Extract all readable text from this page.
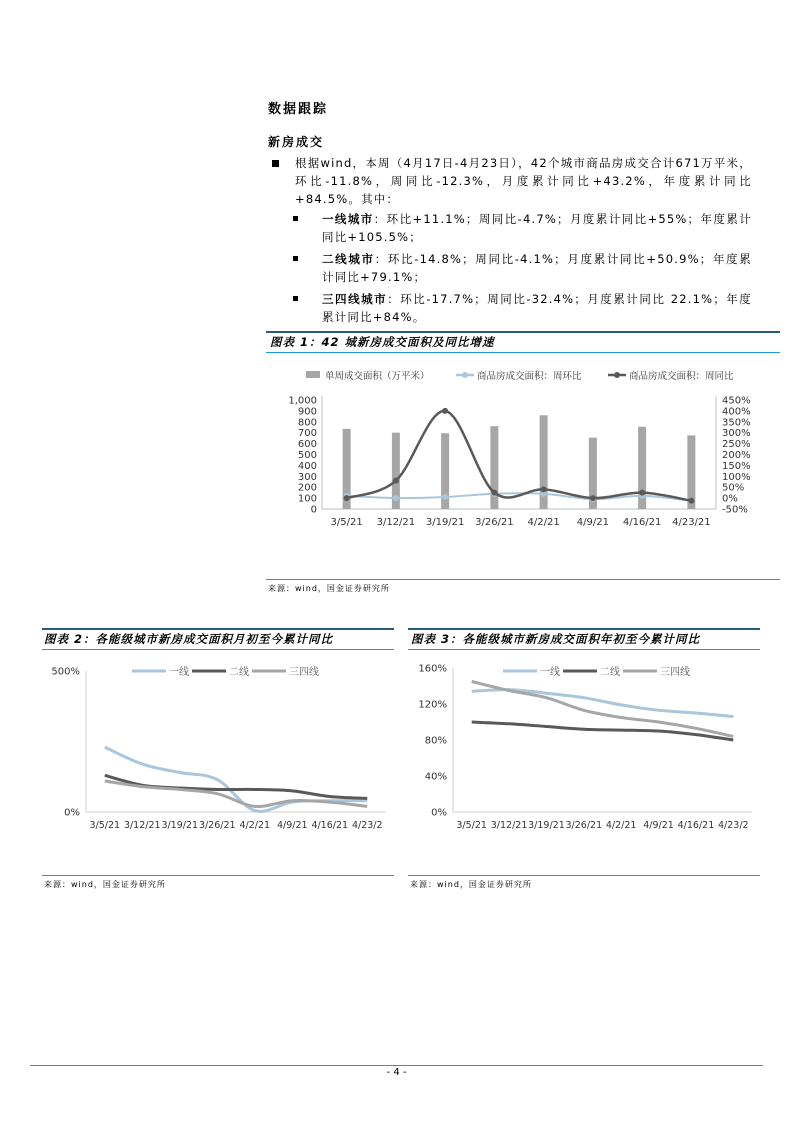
数据跟踪
新房成交
根据wind，本周（4月17日-4月23日），42个城市商品房成交合计671万平米，环比-11.8%，周同比-12.3%，月度累计同比+43.2%，年度累计同比+84.5%。其中：
一线城市：环比+11.1%；周同比-4.7%；月度累计同比+55%；年度累计同比+105.5%；
二线城市：环比-14.8%；周同比-4.1%；月度累计同比+50.9%；年度累计同比+79.1%；
三四线城市：环比-17.7%；周同比-32.4%；月度累计同比 22.1%；年度累计同比+84%。
图表 1：42 城新房成交面积及同比增速
单周成交面积（万平米）	商品房成交面积：周环比	商品房成交面积：周同比
0
100
200
300
400
500
600
700
800
900
1,000
-50%
0%
50%
100%
150%
200%
250%
300%
350%
400%
450%
3/5/21 3/12/21 3/19/21 3/26/21 4/2/21 4/9/21 4/16/21 4/23/21
来源：wind，国金证券研究所
图表 2：各能级城市新房成交面积月初至今累计同比
一线	二线	三四线
0%
500%
3/5/21 3/12/21 3/19/21 3/26/21 4/2/21 4/9/21 4/16/21 4/23/2
来源：wind，国金证券研究所
图表 3：各能级城市新房成交面积年初至今累计同比
一线	二线	三四线
0%
40%
80%
120%
160%
3/5/21 3/12/21 3/19/21 3/26/21 4/2/21 4/9/21 4/16/21 4/23/2
来源：wind，国金证券研究所
- 4 -
